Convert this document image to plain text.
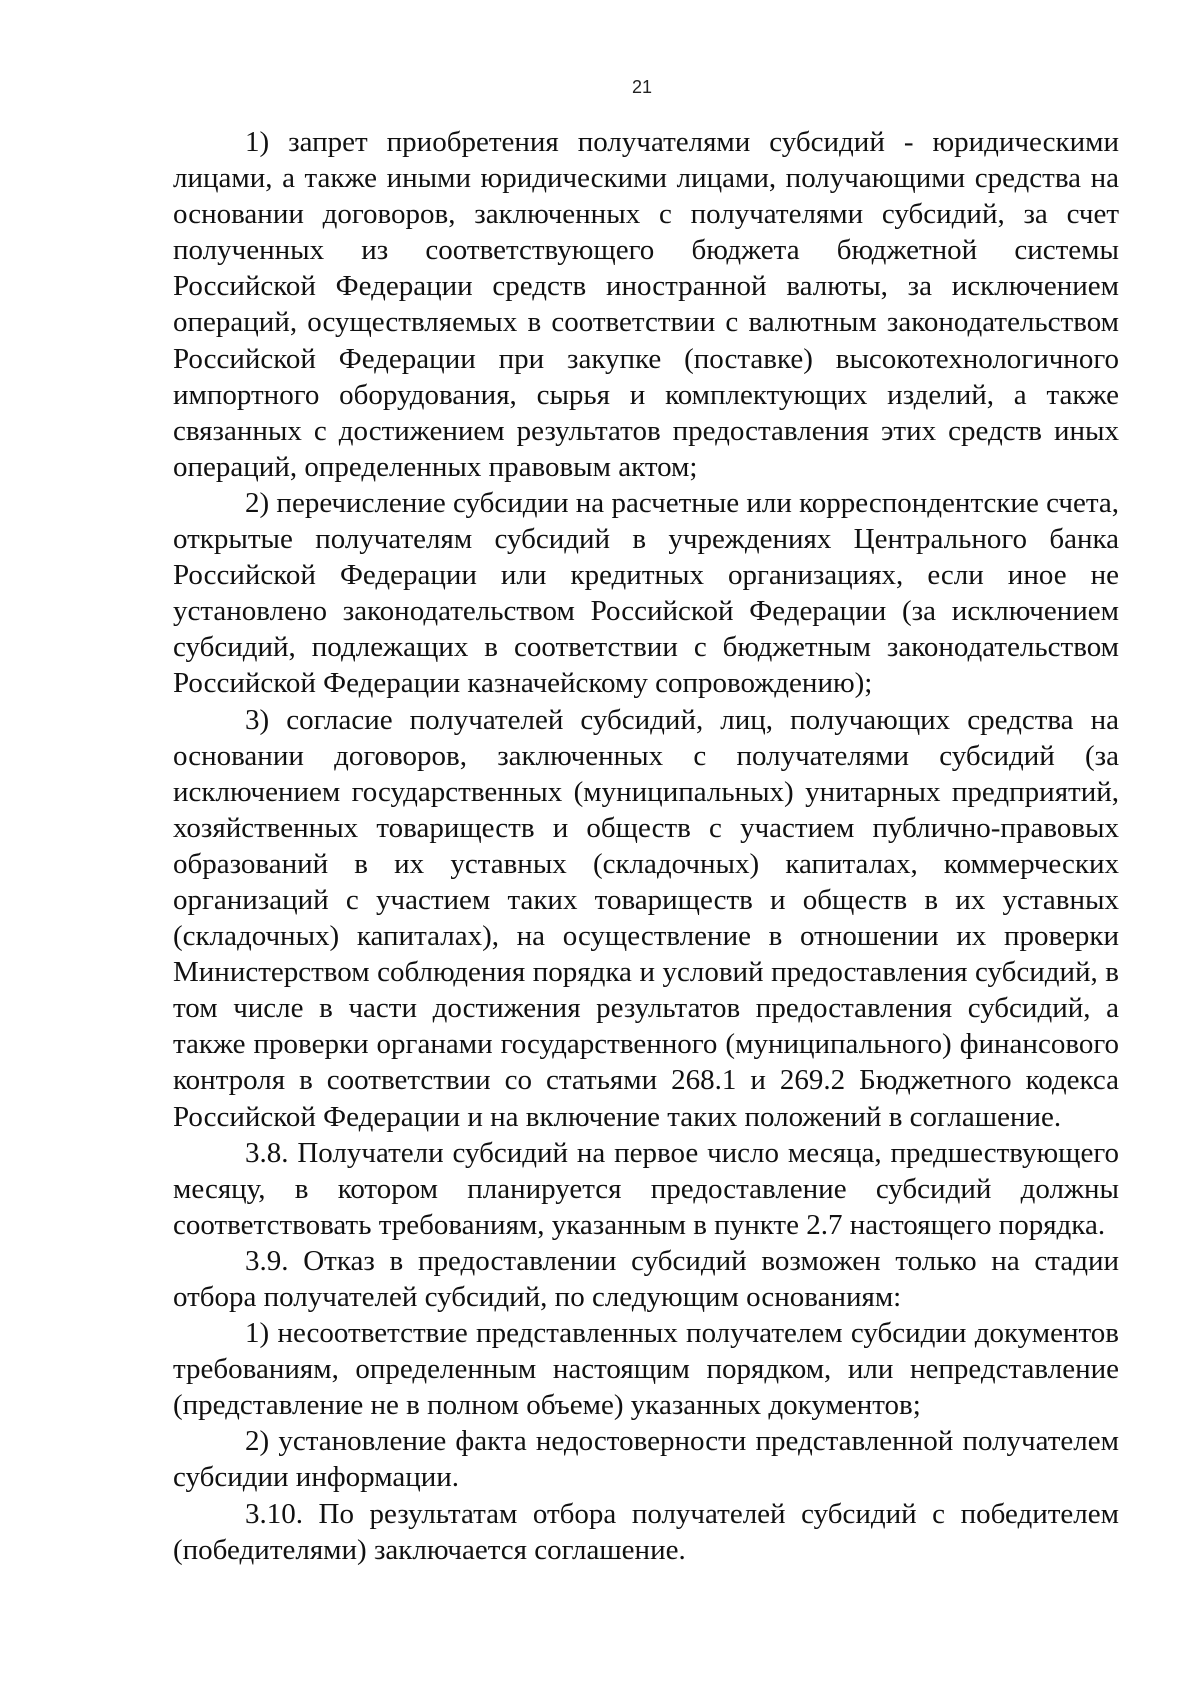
21

1) запрет приобретения получателями субсидий - юридическими лицами, а также иными юридическими лицами, получающими средства на основании договоров, заключенных с получателями субсидий, за счет полученных из соответствующего бюджета бюджетной системы Российской Федерации средств иностранной валюты, за исключением операций, осуществляемых в соответствии с валютным законодательством Российской Федерации при закупке (поставке) высокотехнологичного импортного оборудования, сырья и комплектующих изделий, а также связанных с достижением результатов предоставления этих средств иных операций, определенных правовым актом;

2) перечисление субсидии на расчетные или корреспондентские счета, открытые получателям субсидий в учреждениях Центрального банка Российской Федерации или кредитных организациях, если иное не установлено законодательством Российской Федерации (за исключением субсидий, подлежащих в соответствии с бюджетным законодательством Российской Федерации казначейскому сопровождению);

3) согласие получателей субсидий, лиц, получающих средства на основании договоров, заключенных с получателями субсидий (за исключением государственных (муниципальных) унитарных предприятий, хозяйственных товариществ и обществ с участием публично-правовых образований в их уставных (складочных) капиталах, коммерческих организаций с участием таких товариществ и обществ в их уставных (складочных) капиталах), на осуществление в отношении их проверки Министерством соблюдения порядка и условий предоставления субсидий, в том числе в части достижения результатов предоставления субсидий, а также проверки органами государственного (муниципального) финансового контроля в соответствии со статьями 268.1 и 269.2 Бюджетного кодекса Российской Федерации и на включение таких положений в соглашение.

3.8. Получатели субсидий на первое число месяца, предшествующего месяцу, в котором планируется предоставление субсидий должны соответствовать требованиям, указанным в пункте 2.7 настоящего порядка.

3.9. Отказ в предоставлении субсидий возможен только на стадии отбора получателей субсидий, по следующим основаниям:

1) несоответствие представленных получателем субсидии документов требованиям, определенным настоящим порядком, или непредставление (представление не в полном объеме) указанных документов;

2) установление факта недостоверности представленной получателем субсидии информации.

3.10. По результатам отбора получателей субсидий с победителем (победителями) заключается соглашение.
